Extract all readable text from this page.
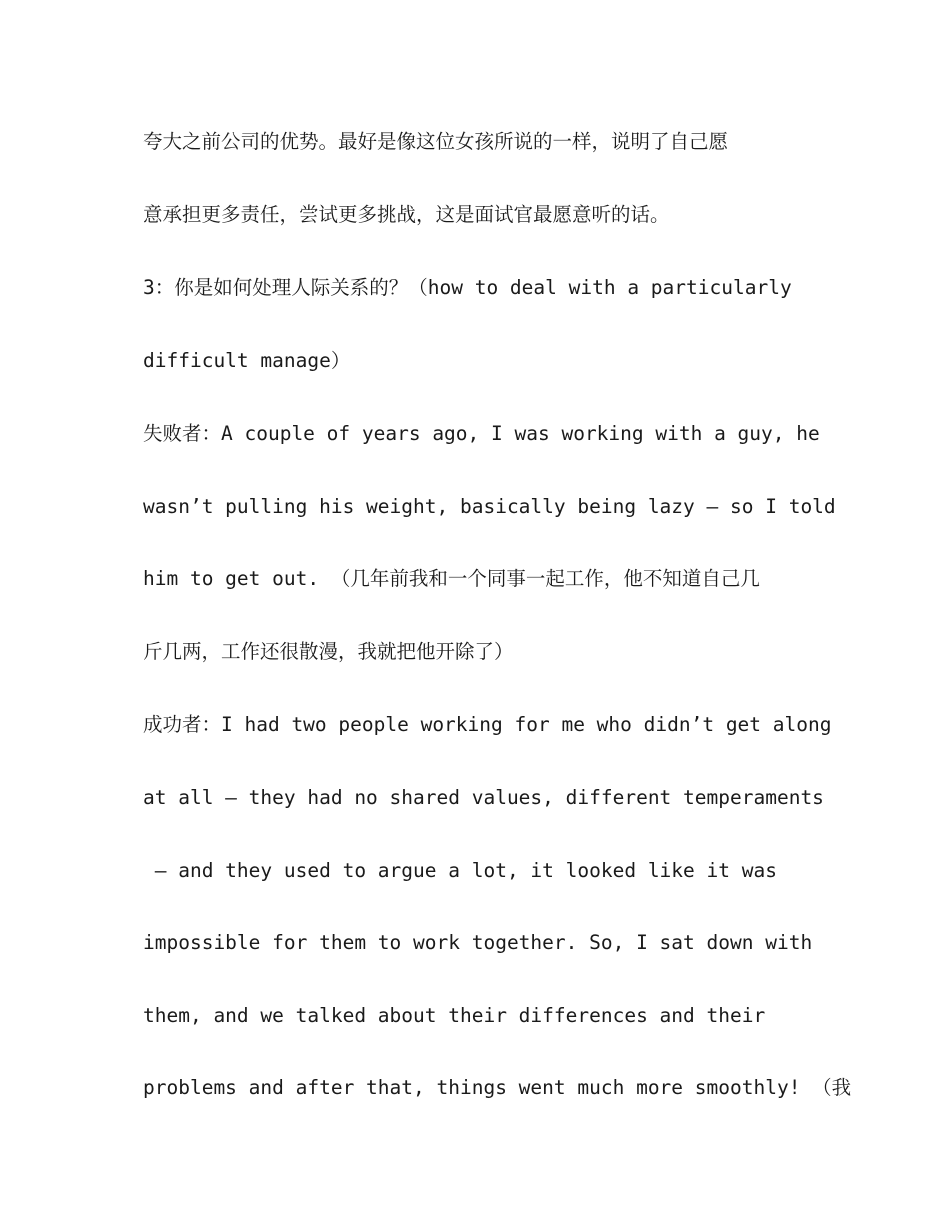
夸大之前公司的优势。最好是像这位女孩所说的一样，说明了自己愿
意承担更多责任，尝试更多挑战，这是面试官最愿意听的话。
3：你是如何处理人际关系的？（how to deal with a particularly
difficult manage）
失败者：A couple of years ago, I was working with a guy, he
wasn’t pulling his weight, basically being lazy – so I told
him to get out. （几年前我和一个同事一起工作，他不知道自己几
斤几两，工作还很散漫，我就把他开除了）
成功者：I had two people working for me who didn’t get along
at all – they had no shared values, different temperaments
– and they used to argue a lot, it looked like it was
impossible for them to work together. So, I sat down with
them, and we talked about their differences and their
problems and after that, things went much more smoothly! （我
